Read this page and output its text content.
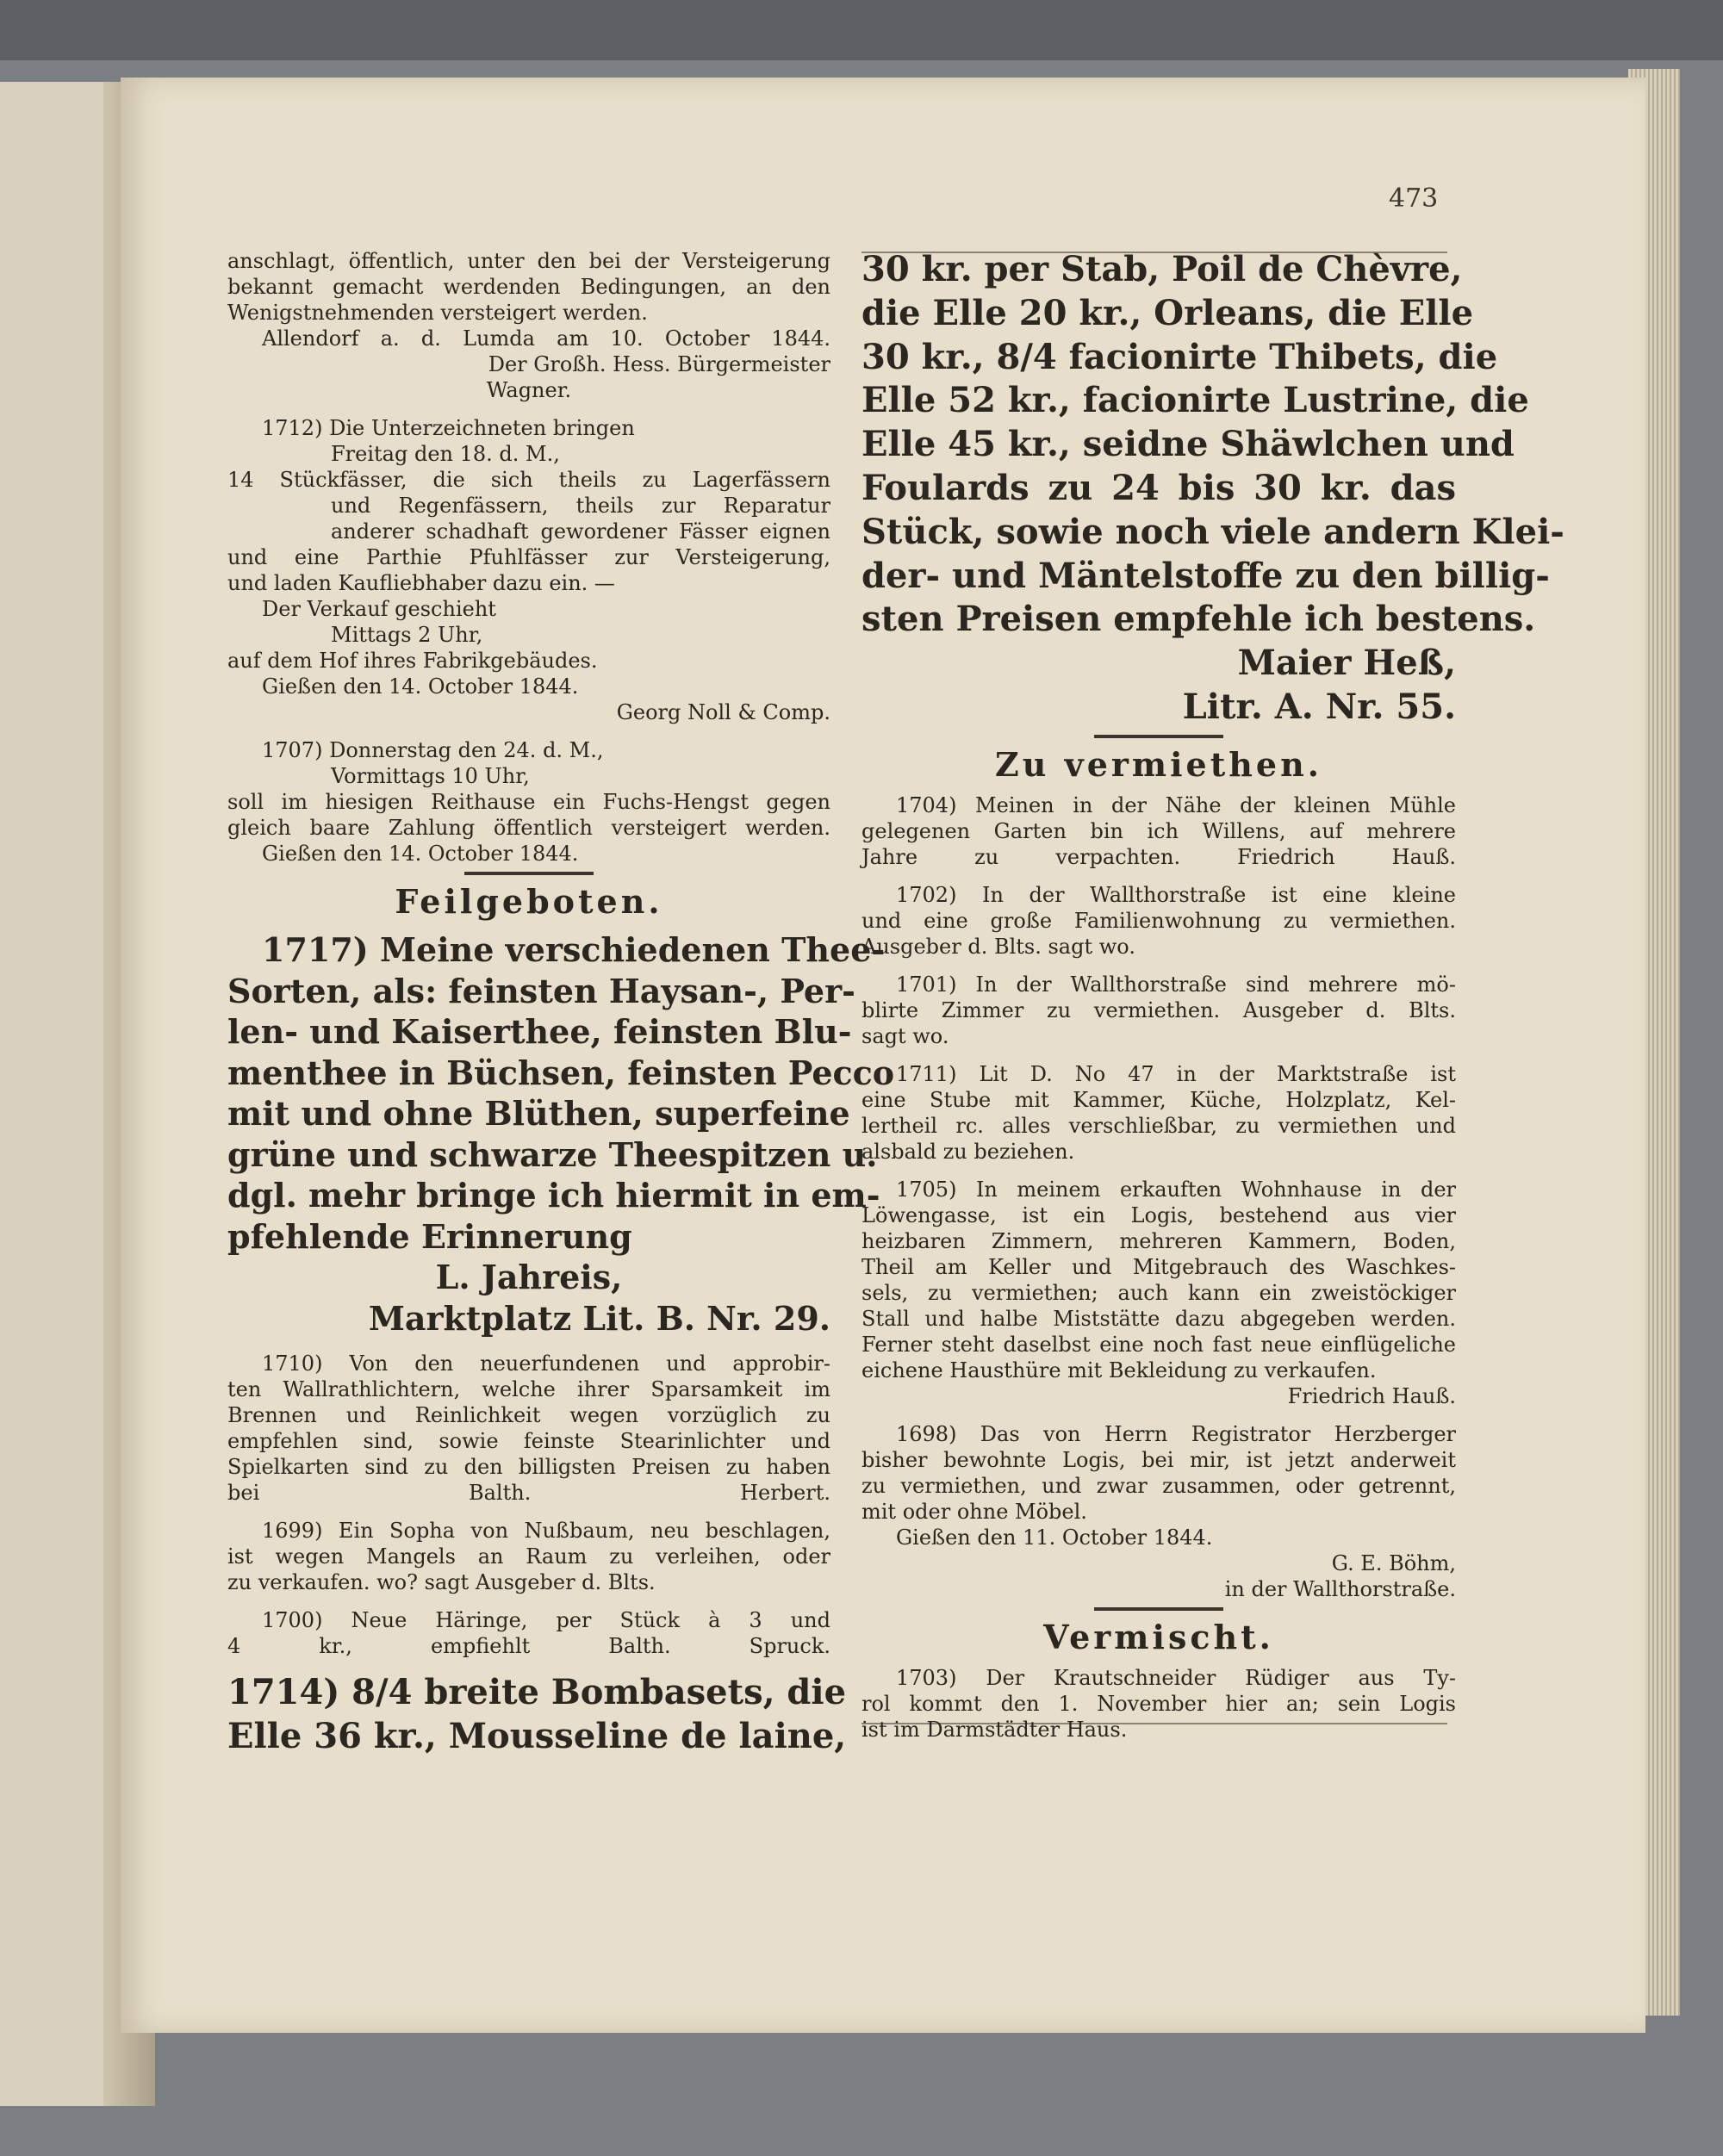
473
anschlagt, öffentlich, unter den bei der Versteigerung
bekannt gemacht werdenden Bedingungen, an den
Wenigstnehmenden versteigert werden.
Allendorf a. d. Lumda am 10. October 1844.
Der Großh. Hess. Bürgermeister
Wagner.
1712) Die Unterzeichneten bringen
Freitag den 18. d. M.,
14 Stückfässer, die sich theils zu Lagerfässern
und Regenfässern, theils zur Reparatur
anderer schadhaft gewordener Fässer eignen
und eine Parthie Pfuhlfässer zur Versteigerung,
und laden Kaufliebhaber dazu ein. —
Der Verkauf geschieht
Mittags 2 Uhr,
auf dem Hof ihres Fabrikgebäudes.
Gießen den 14. October 1844.
Georg Noll & Comp.
1707) Donnerstag den 24. d. M.,
Vormittags 10 Uhr,
soll im hiesigen Reithause ein Fuchs-Hengst gegen
gleich baare Zahlung öffentlich versteigert werden.
Gießen den 14. October 1844.
Feilgeboten.
1717) Meine verschiedenen Thee-
Sorten, als: feinsten Haysan-, Per-
len- und Kaiserthee, feinsten Blu-
menthee in Büchsen, feinsten Pecco
mit und ohne Blüthen, superfeine
grüne und schwarze Theespitzen u.
dgl. mehr bringe ich hiermit in em-
pfehlende Erinnerung
L. Jahreis,
Marktplatz Lit. B. Nr. 29.
1710) Von den neuerfundenen und approbir-
ten Wallrathlichtern, welche ihrer Sparsamkeit im
Brennen und Reinlichkeit wegen vorzüglich zu
empfehlen sind, sowie feinste Stearinlichter und
Spielkarten sind zu den billigsten Preisen zu haben
bei Balth. Herbert.
1699) Ein Sopha von Nußbaum, neu beschlagen,
ist wegen Mangels an Raum zu verleihen, oder
zu verkaufen. wo? sagt Ausgeber d. Blts.
1700) Neue Häringe, per Stück à 3 und
4 kr., empfiehlt Balth. Spruck.
1714) 8/4 breite Bombasets, die
Elle 36 kr., Mousseline de laine,
30 kr. per Stab, Poil de Chèvre,
die Elle 20 kr., Orleans, die Elle
30 kr., 8/4 facionirte Thibets, die
Elle 52 kr., facionirte Lustrine, die
Elle 45 kr., seidne Shäwlchen und
Foulards zu 24 bis 30 kr. das
Stück, sowie noch viele andern Klei-
der- und Mäntelstoffe zu den billig-
sten Preisen empfehle ich bestens.
Maier Heß,
Litr. A. Nr. 55.
Zu vermiethen.
1704) Meinen in der Nähe der kleinen Mühle
gelegenen Garten bin ich Willens, auf mehrere
Jahre zu verpachten. Friedrich Hauß.
1702) In der Wallthorstraße ist eine kleine
und eine große Familienwohnung zu vermiethen.
Ausgeber d. Blts. sagt wo.
1701) In der Wallthorstraße sind mehrere mö-
blirte Zimmer zu vermiethen. Ausgeber d. Blts.
sagt wo.
1711) Lit D. No 47 in der Marktstraße ist
eine Stube mit Kammer, Küche, Holzplatz, Kel-
lertheil rc. alles verschließbar, zu vermiethen und
alsbald zu beziehen.
1705) In meinem erkauften Wohnhause in der
Löwengasse, ist ein Logis, bestehend aus vier
heizbaren Zimmern, mehreren Kammern, Boden,
Theil am Keller und Mitgebrauch des Waschkes-
sels, zu vermiethen; auch kann ein zweistöckiger
Stall und halbe Miststätte dazu abgegeben werden.
Ferner steht daselbst eine noch fast neue einflügeliche
eichene Hausthüre mit Bekleidung zu verkaufen.
Friedrich Hauß.
1698) Das von Herrn Registrator Herzberger
bisher bewohnte Logis, bei mir, ist jetzt anderweit
zu vermiethen, und zwar zusammen, oder getrennt,
mit oder ohne Möbel.
Gießen den 11. October 1844.
G. E. Böhm,
in der Wallthorstraße.
Vermischt.
1703) Der Krautschneider Rüdiger aus Ty-
rol kommt den 1. November hier an; sein Logis
ist im Darmstädter Haus.
